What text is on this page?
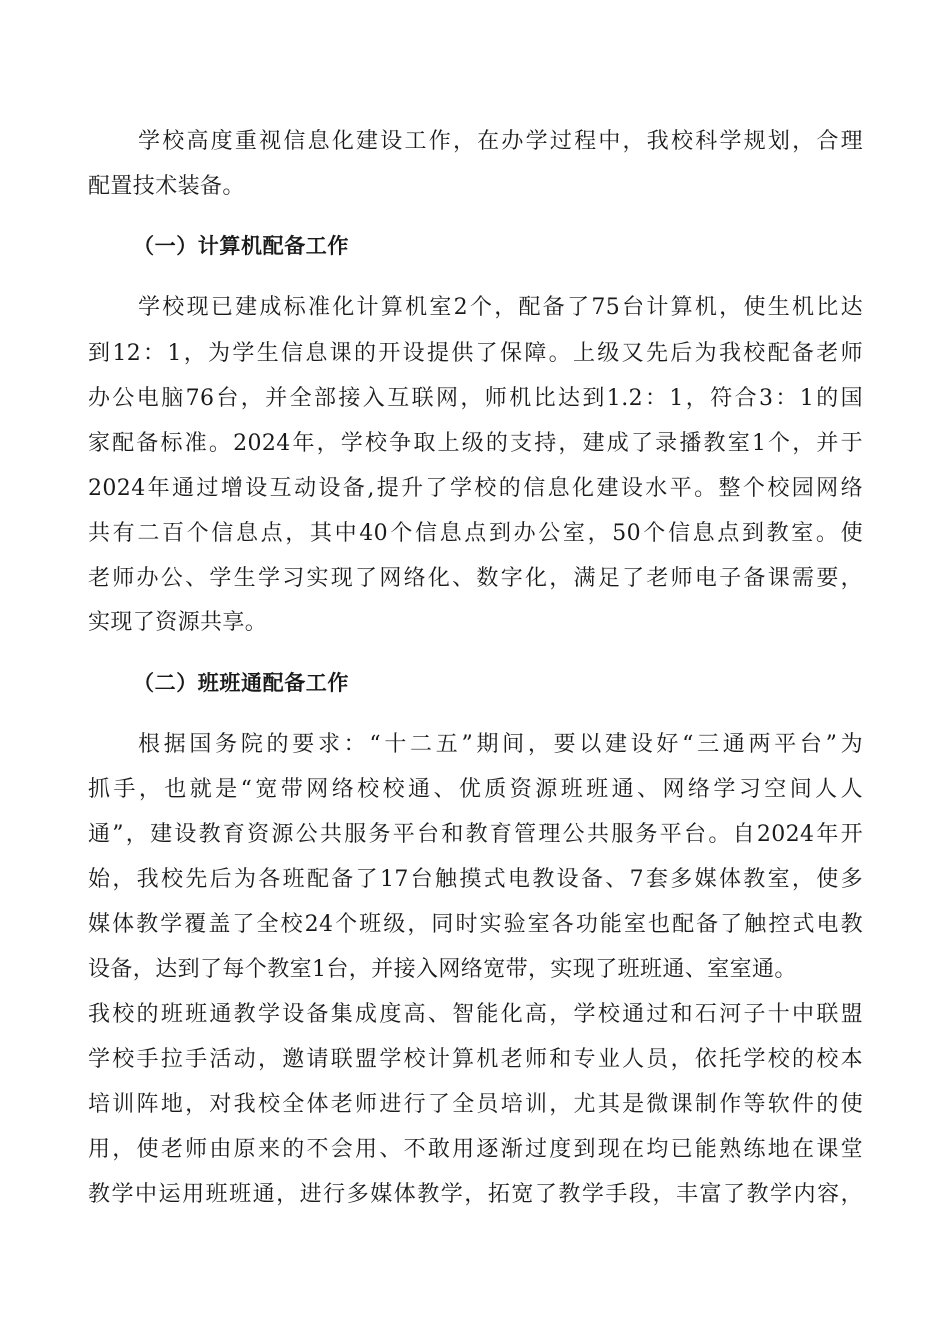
学校高度重视信息化建设工作，在办学过程中，我校科学规划，合理
配置技术装备。
（一）计算机配备工作
学校现已建成标准化计算机室2个，配备了75台计算机，使生机比达
到12：1，为学生信息课的开设提供了保障。上级又先后为我校配备老师
办公电脑76台，并全部接入互联网，师机比达到1.2：1，符合3：1的国
家配备标准。2024年，学校争取上级的支持，建成了录播教室1个，并于
2024年通过增设互动设备,提升了学校的信息化建设水平。整个校园网络
共有二百个信息点，其中40个信息点到办公室，50个信息点到教室。使
老师办公、学生学习实现了网络化、数字化，满足了老师电子备课需要，
实现了资源共享。
（二）班班通配备工作
根据国务院的要求：“十二五”期间，要以建设好“三通两平台”为
抓手，也就是“宽带网络校校通、优质资源班班通、网络学习空间人人
通”，建设教育资源公共服务平台和教育管理公共服务平台。自2024年开
始，我校先后为各班配备了17台触摸式电教设备、7套多媒体教室，使多
媒体教学覆盖了全校24个班级，同时实验室各功能室也配备了触控式电教
设备，达到了每个教室1台，并接入网络宽带，实现了班班通、室室通。
我校的班班通教学设备集成度高、智能化高，学校通过和石河子十中联盟
学校手拉手活动，邀请联盟学校计算机老师和专业人员，依托学校的校本
培训阵地，对我校全体老师进行了全员培训，尤其是微课制作等软件的使
用，使老师由原来的不会用、不敢用逐渐过度到现在均已能熟练地在课堂
教学中运用班班通，进行多媒体教学，拓宽了教学手段，丰富了教学内容，
